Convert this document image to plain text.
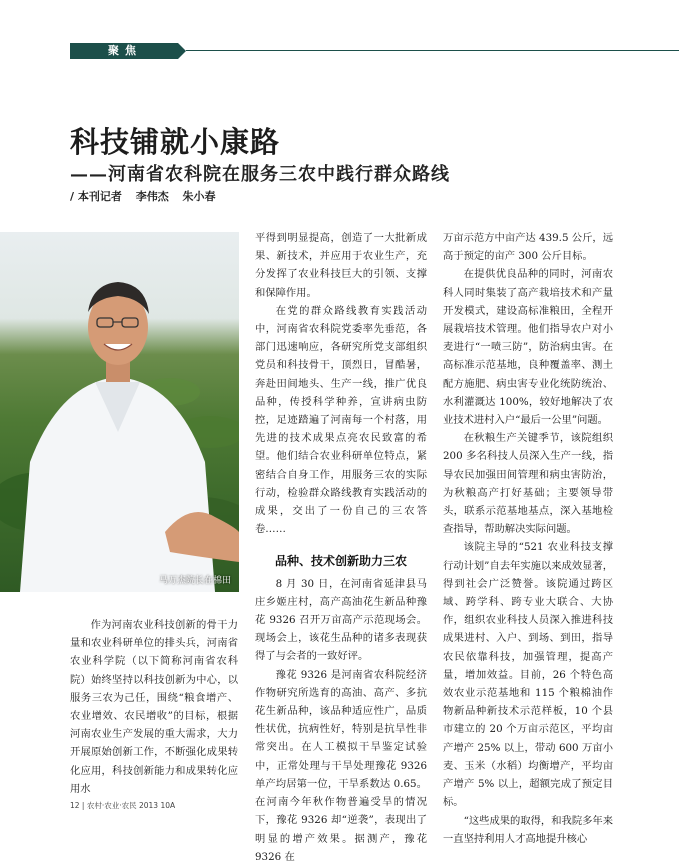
聚焦
科技铺就小康路
——河南省农科院在服务三农中践行群众路线
/ 本刊记者 李伟杰 朱小春
马万杰院长在棉田

作为河南农业科技创新的骨干力量和农业科研单位的排头兵，河南省农业科学院（以下简称河南省农科院）始终坚持以科技创新为中心，以服务三农为己任，围绕“粮食增产、农业增效、农民增收”的目标，根据河南农业生产发展的重大需求，大力开展原始创新工作，不断强化成果转化应用，科技创新能力和成果转化应用水

平得到明显提高，创造了一大批新成果、新技术，并应用于农业生产，充分发挥了农业科技巨大的引领、支撑和保障作用。

在党的群众路线教育实践活动中，河南省农科院党委率先垂范，各部门迅速响应，各研究所党支部组织党员和科技骨干，顶烈日，冒酷暑，奔赴田间地头、生产一线，推广优良品种，传授科学种养，宣讲病虫防控，足迹踏遍了河南每一个村落，用先进的技术成果点亮农民致富的希望。他们结合农业科研单位特点，紧密结合自身工作，用服务三农的实际行动，检验群众路线教育实践活动的成果，交出了一份自己的三农答卷……

品种、技术创新助力三农

8 月 30 日，在河南省延津县马庄乡姬庄村，高产高油花生新品种豫花 9326 召开万亩高产示范现场会。现场会上，该花生品种的诸多表现获得了与会者的一致好评。

豫花 9326 是河南省农科院经济作物研究所选育的高油、高产、多抗花生新品种，该品种适应性广，品质性状优，抗病性好，特别是抗旱性非常突出。在人工模拟干旱鉴定试验中，正常处理与干旱处理豫花 9326 单产均居第一位，干旱系数达 0.65。在河南今年秋作物普遍受旱的情况下，豫花 9326 却“逆袭”，表现出了明显的增产效果。据测产，豫花 9326 在

万亩示范方中亩产达 439.5 公斤，远高于预定的亩产 300 公斤目标。

在提供优良品种的同时，河南农科人同时集装了高产栽培技术和产量开发模式，建设高标准粮田，全程开展栽培技术管理。他们指导农户对小麦进行“一喷三防”，防治病虫害。在高标准示范基地，良种覆盖率、测土配方施肥、病虫害专业化统防统治、水利灌溉达 100%，较好地解决了农业技术进村入户“最后一公里”问题。

在秋粮生产关键季节，该院组织 200 多名科技人员深入生产一线，指导农民加强田间管理和病虫害防治，为秋粮高产打好基础；主要领导带头，联系示范基地基点，深入基地检查指导，帮助解决实际问题。

该院主导的“521 农业科技支撑行动计划”自去年实施以来成效显著，得到社会广泛赞誉。该院通过跨区域、跨学科、跨专业大联合、大协作，组织农业科技人员深入推进科技成果进村、入户、到场、到田，指导农民依靠科技，加强管理，提高产量，增加效益。目前，26 个特色高效农业示范基地和 115 个粮棉油作物新品种新技术示范样板，10 个县市建立的 20 个万亩示范区，平均亩产增产 25% 以上，带动 600 万亩小麦、玉米（水稻）均衡增产，平均亩产增产 5% 以上，超额完成了预定目标。

“这些成果的取得，和我院多年来一直坚持利用人才高地提升核心

12 | 农村·农业·农民 2013 10A
